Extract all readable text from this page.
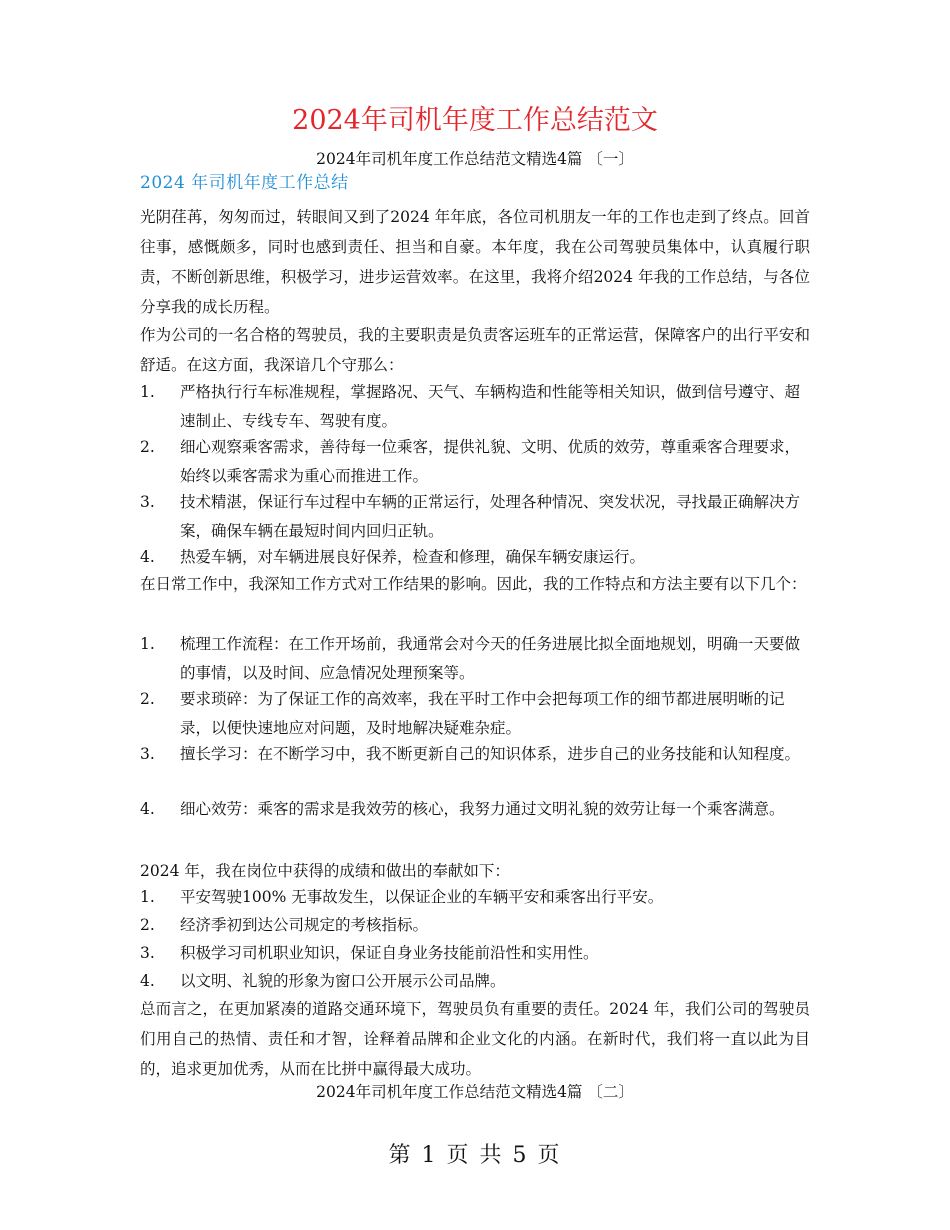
2024年司机年度工作总结范文

2024年司机年度工作总结范文精选4篇 〔一〕

2024 年司机年度工作总结

光阴荏苒，匆匆而过，转眼间又到了2024 年年底，各位司机朋友一年的工作也走到了终点。回首往事，感慨颇多，同时也感到责任、担当和自豪。本年度，我在公司驾驶员集体中，认真履行职责，不断创新思维，积极学习，进步运营效率。在这里，我将介绍2024 年我的工作总结，与各位分享我的成长历程。

作为公司的一名合格的驾驶员，我的主要职责是负责客运班车的正常运营，保障客户的出行平安和舒适。在这方面，我深谙几个守那么：

1.	严格执行行车标准规程，掌握路况、天气、车辆构造和性能等相关知识，做到信号遵守、超速制止、专线专车、驾驶有度。
2.	细心观察乘客需求，善待每一位乘客，提供礼貌、文明、优质的效劳，尊重乘客合理要求，始终以乘客需求为重心而推进工作。
3.	技术精湛，保证行车过程中车辆的正常运行，处理各种情况、突发状况，寻找最正确解决方案，确保车辆在最短时间内回归正轨。
4.	热爱车辆，对车辆进展良好保养，检查和修理，确保车辆安康运行。

在日常工作中，我深知工作方式对工作结果的影响。因此，我的工作特点和方法主要有以下几个：

1.	梳理工作流程：在工作开场前，我通常会对今天的任务进展比拟全面地规划，明确一天要做的事情，以及时间、应急情况处理预案等。
2.	要求琐碎：为了保证工作的高效率，我在平时工作中会把每项工作的细节都进展明晰的记录，以便快速地应对问题，及时地解决疑难杂症。
3.	擅长学习：在不断学习中，我不断更新自己的知识体系，进步自己的业务技能和认知程度。
4.	细心效劳：乘客的需求是我效劳的核心，我努力通过文明礼貌的效劳让每一个乘客满意。

2024 年，我在岗位中获得的成绩和做出的奉献如下：

1.	平安驾驶100% 无事故发生，以保证企业的车辆平安和乘客出行平安。
2.	经济季初到达公司规定的考核指标。
3.	积极学习司机职业知识，保证自身业务技能前沿性和实用性。
4.	以文明、礼貌的形象为窗口公开展示公司品牌。

总而言之，在更加紧凑的道路交通环境下，驾驶员负有重要的责任。2024 年，我们公司的驾驶员们用自己的热情、责任和才智，诠释着品牌和企业文化的内涵。在新时代，我们将一直以此为目的，追求更加优秀，从而在比拼中赢得最大成功。

2024年司机年度工作总结范文精选4篇 〔二〕

第 1 页 共 5 页
